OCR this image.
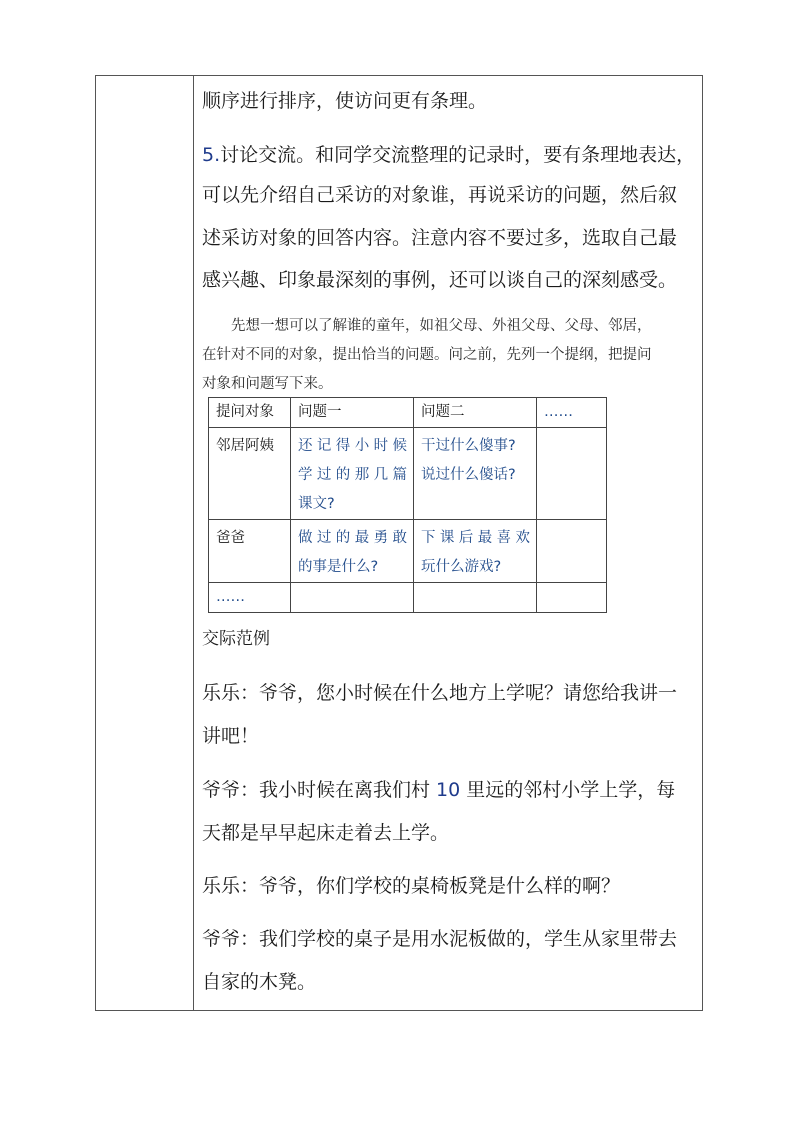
顺序进行排序，使访问更有条理。

5.讨论交流。和同学交流整理的记录时，要有条理地表达，

可以先介绍自己采访的对象谁，再说采访的问题，然后叙

述采访对象的回答内容。注意内容不要过多，选取自己最

感兴趣、印象最深刻的事例，还可以谈自己的深刻感受。

　　先想一想可以了解谁的童年，如祖父母、外祖父母、父母、邻居，

在针对不同的对象，提出恰当的问题。问之前，先列一个提纲，把提问

对象和问题写下来。

提问对象	问题一	问题二	……
邻居阿姨	还记得小时候
学过的那几篇
课文?	干过什么傻事?
说过什么傻话?	

爸爸	做过的最勇敢
的事是什么?	下课后最喜欢
玩什么游戏?	

……			

交际范例

乐乐：爷爷，您小时候在什么地方上学呢？请您给我讲一

讲吧！

爷爷：我小时候在离我们村 10 里远的邻村小学上学，每

天都是早早起床走着去上学。

乐乐：爷爷，你们学校的桌椅板凳是什么样的啊？

爷爷：我们学校的桌子是用水泥板做的，学生从家里带去

自家的木凳。
